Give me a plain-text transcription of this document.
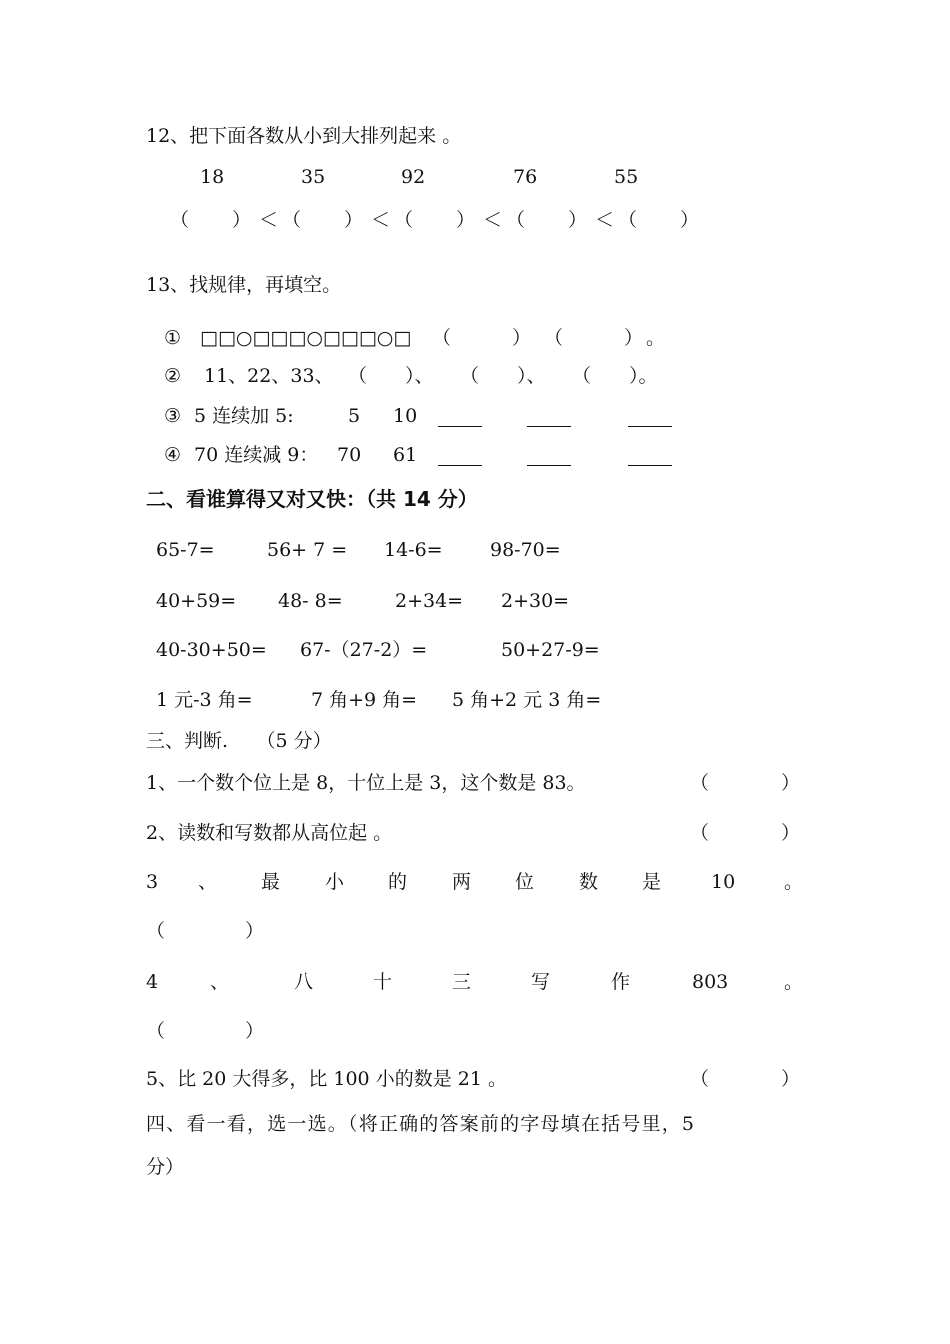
12、把下面各数从小到大排列起来 。
18	35	92	76	55
（ ） ＜ （ ） ＜ （ ） ＜ （ ） ＜ （ ）
13、找规律，再填空。
① □□○□□□○□□□○□ （	） （	） 。
② 11、22、33、 （ ）、 （ ）、 （ ）。
③ 5 连续加 5:	5 10
④ 70 连续减 9： 70 61
二、看谁算得又对又快：（共 14 分）
65-7=	56+ 7 = 14-6= 98-70=
40+59= 48- 8=	2+34= 2+30=
40-30+50= 67-（27-2）=	50+27-9=
1 元-3 角=	7 角+9 角= 5 角+2 元 3 角=
三、判断.　　（5 分）
1、一个数个位上是 8，十位上是 3，这个数是 83。	（	）
2、读数和写数都从高位起 。	（	）
3 、 最 小 的 两 位 数 是	10	。
（	）
4	、	八	十	三	写	作	803	。
（	）
5、比 20 大得多，比 100 小的数是 21 。	（	）
四、看一看，选一选。（将正确的答案前的字母填在括号里，5
分）
